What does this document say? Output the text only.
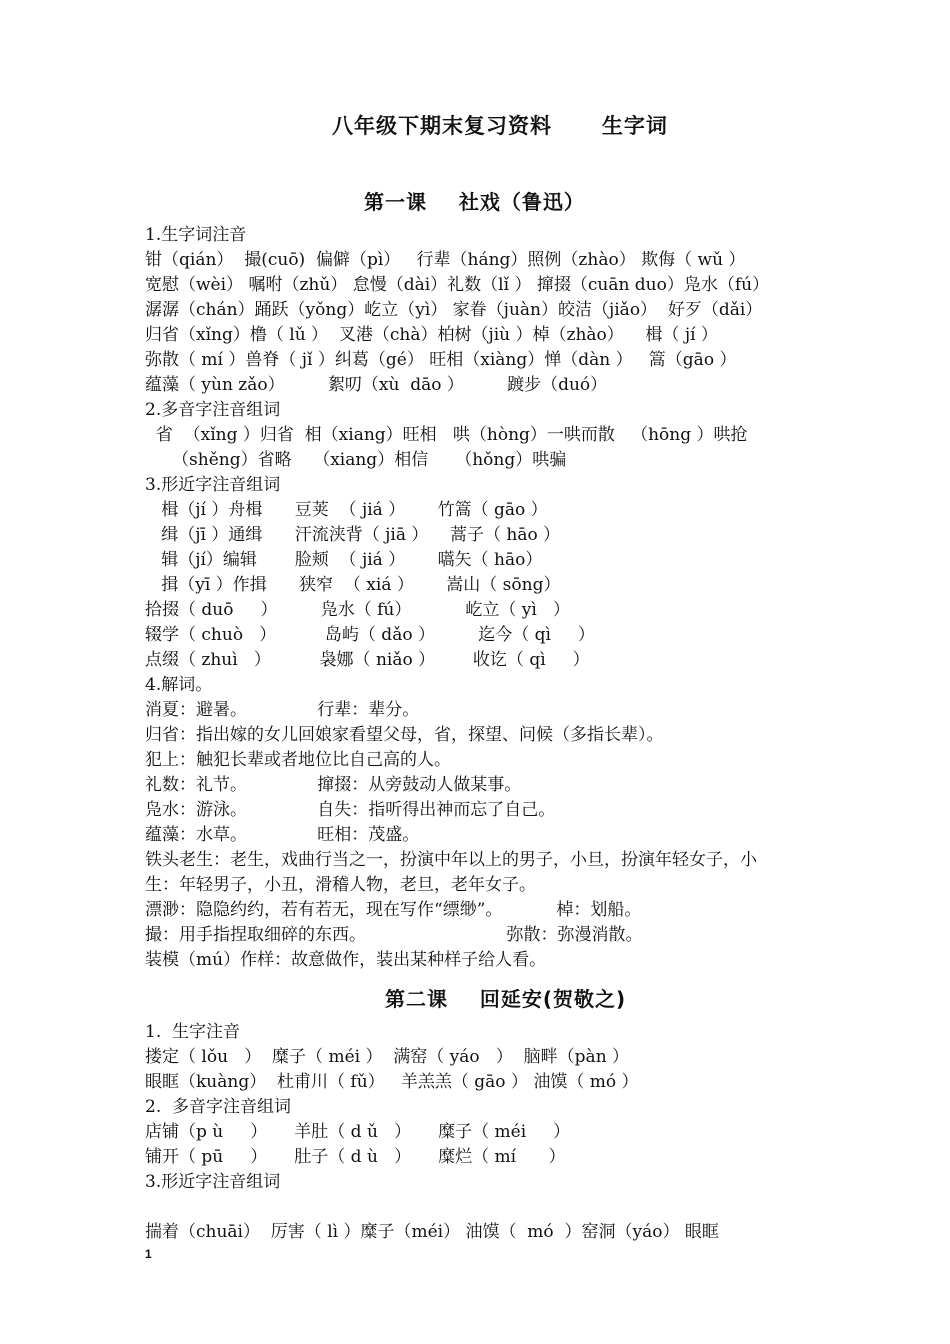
八年级下期末复习资料      生字词
第一课    社戏（鲁迅）
1.生字词注音
钳（qián）  撮(cuō)  偏僻（pì）   行辈（háng）照例（zhào） 欺侮（ wǔ ）
宽慰（wèi） 嘱咐（zhǔ） 怠慢（dài）礼数（lǐ ） 撺掇（cuān duo）凫水（fú）
潺潺（chán）踊跃（yǒng）屹立（yì） 家眷（juàn）皎洁（jiǎo）  好歹（dǎi）
归省（xǐng）橹（ lǔ ）  叉港（chà）柏树（jiù ）棹（zhào）    楫（ jí ）
弥散（ mí ）兽脊（ jǐ ）纠葛（gé） 旺相（xiàng）惮（dàn ）   篙（gāo ）
蕴藻（ yùn zǎo）        絮叨（xù  dāo ）        踱步（duó）
2.多音字注音组词
省  （xǐng ）归省  相（xiang）旺相   哄（hòng）一哄而散   （hōng ）哄抢
（shěng）省略    （xiang）相信     （hǒng）哄骗
3.形近字注音组词
楫（jí ）舟楫      豆荚  （ jiá ）      竹篙（ gāo ）
缉（jī ）通缉      汗流浃背（ jiā ）    蒿子（ hāo ）
辑（jí）编辑       脸颊  （ jiá ）      嚆矢（ hāo）
揖（yī ）作揖      狭窄  （ xiá ）      嵩山（ sōng）
拾掇（ duō     ）        凫水（ fú）          屹立（ yì   ）
辍学（ chuò   ）         岛屿（ dǎo ）        迄今（ qì     ）
点缀（ zhuì   ）         袅娜（ niǎo ）       收讫（ qì     ）
4.解词。
消夏：避暑。             行辈：辈分。
归省：指出嫁的女儿回娘家看望父母，省，探望、问候（多指长辈）。
犯上：触犯长辈或者地位比自己高的人。
礼数：礼节。             撺掇：从旁鼓动人做某事。
凫水：游泳。             自失：指听得出神而忘了自己。
蕴藻：水草。             旺相：茂盛。
铁头老生：老生，戏曲行当之一，扮演中年以上的男子，小旦，扮演年轻女子，小
生：年轻男子，小丑，滑稽人物，老旦，老年女子。
漂渺：隐隐约约，若有若无，现在写作“缥缈”。          棹：划船。
撮：用手指捏取细碎的东西。                          弥散：弥漫消散。
装模（mú）作样：故意做作，装出某种样子给人看。
第二课    回延安(贺敬之)
1.  生字注音
搂定（ lǒu   ）  糜子（ méi ）  满窑（ yáo   ）  脑畔（pàn ）
眼眶（kuàng）  杜甫川（ fǔ）   羊羔羔（ gāo ） 油馍（ mó ）
2.  多音字注音组词
店铺（p ù     ）     羊肚（ d ǔ   ）     糜子（ méi     ）
铺开（ pū     ）     肚子（ d ù   ）     糜烂（ mí      ）
3.形近字注音组词
揣着（chuāi）  厉害（ lì ）糜子（méi） 油馍（  mó  ）窑洞（yáo） 眼眶
1
